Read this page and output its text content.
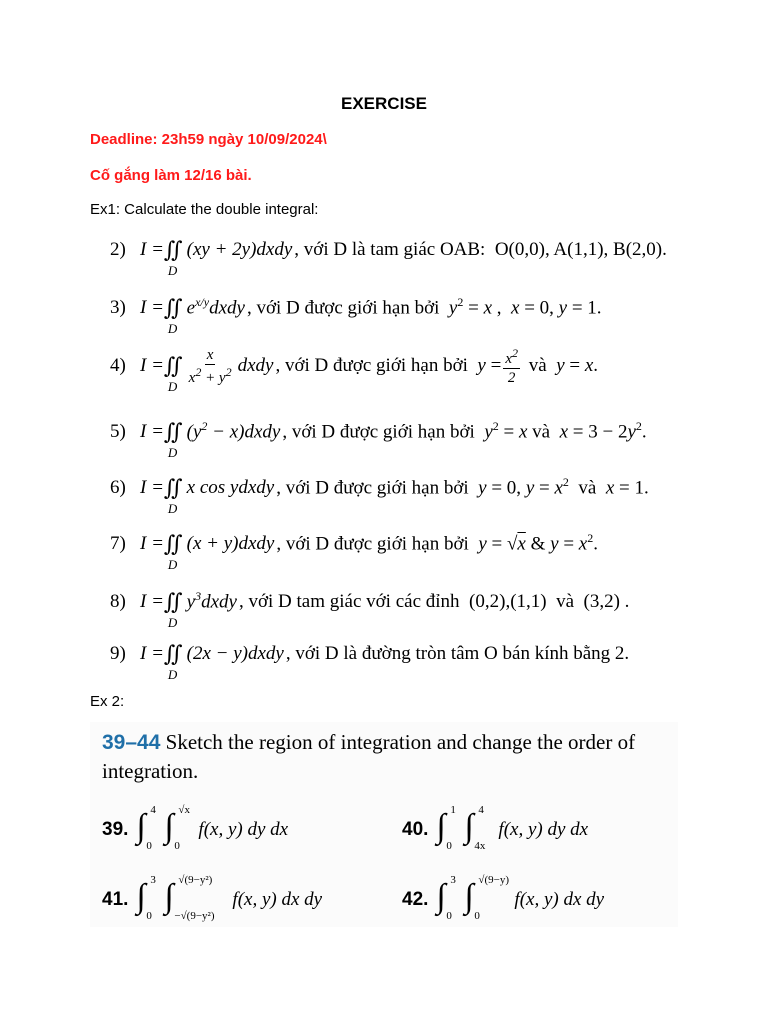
EXERCISE
Deadline: 23h59 ngày 10/09/2024\
Cố gắng làm 12/16 bài.
Ex1: Calculate the double integral:
2) I = ∬
D
(xy + 2y)dxdy , với D là tam giác OAB:  O(0,0), A(1,1), B(2,0).
3) I = ∬
D
$e^{x/y}dxdy$ , với D được giới hạn bởi  $y^2 = x$ ,  x = 0, y = 1.
4) I = ∬
D $\frac{x}{x^2 + y^2}$ dxdy , với D được giới hạn bởi  $y = \frac{x^2}{2}$ và  y = x.
5) I = ∬
D
($y^2$ − x)dxdy , với D được giới hạn bởi  $y^2 = x$ và  $x = 3 - 2y^2$.
6) I = ∬
D
x cos ydxdy , với D được giới hạn bởi  y = 0, $y = x^2$  và  x = 1.
7) I = ∬
D
(x + y)dxdy , với D được giới hạn bởi  y = √x & $y = x^2$.
8) I = ∬
D
$y^3dxdy$ , với D tam giác với các đỉnh  (0,2),(1,1)  và  (3,2) .
9) I = ∬
D
(2x − y)dxdy , với D là đường tròn tâm O bán kính bằng 2.
Ex 2:
39–44 Sketch the region of integration and change the order of integration.
39. ∫ 4
0
∫ √x
0
f(x, y) dy dx	40. ∫ 1
0
∫ 4
4x
f(x, y) dy dx
41. ∫ 3
0
∫ √(9−y²)
−√(9−y²)
f(x, y) dx dy	42. ∫ 3
0
∫ √(9−y)
0
f(x, y) dx dy
